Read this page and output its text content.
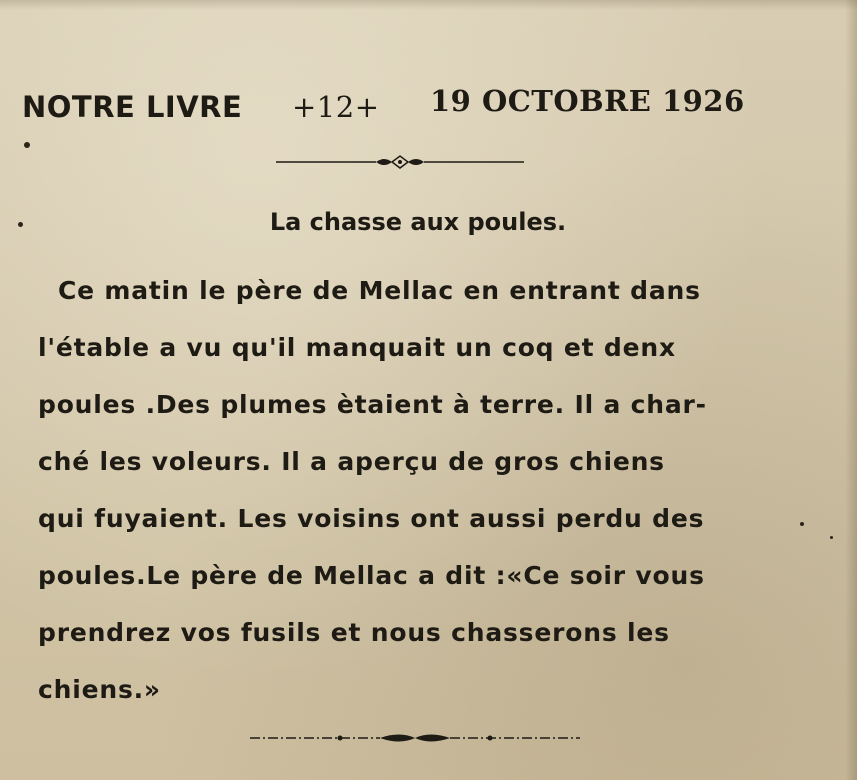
NOTRE LIVRE +12+ 19 OCTOBRE 1926
La chasse aux poules.
Ce matin le père de Mellac en entrant dans
l'étable a vu qu'il manquait un coq et denx
poules .Des plumes ètaient à terre. Il a char-
ché les voleurs. Il a aperçu de gros chiens
qui fuyaient. Les voisins ont aussi perdu des
poules.Le père de Mellac a dit :«Ce soir vous
prendrez vos fusils et nous chasserons les
chiens.»
